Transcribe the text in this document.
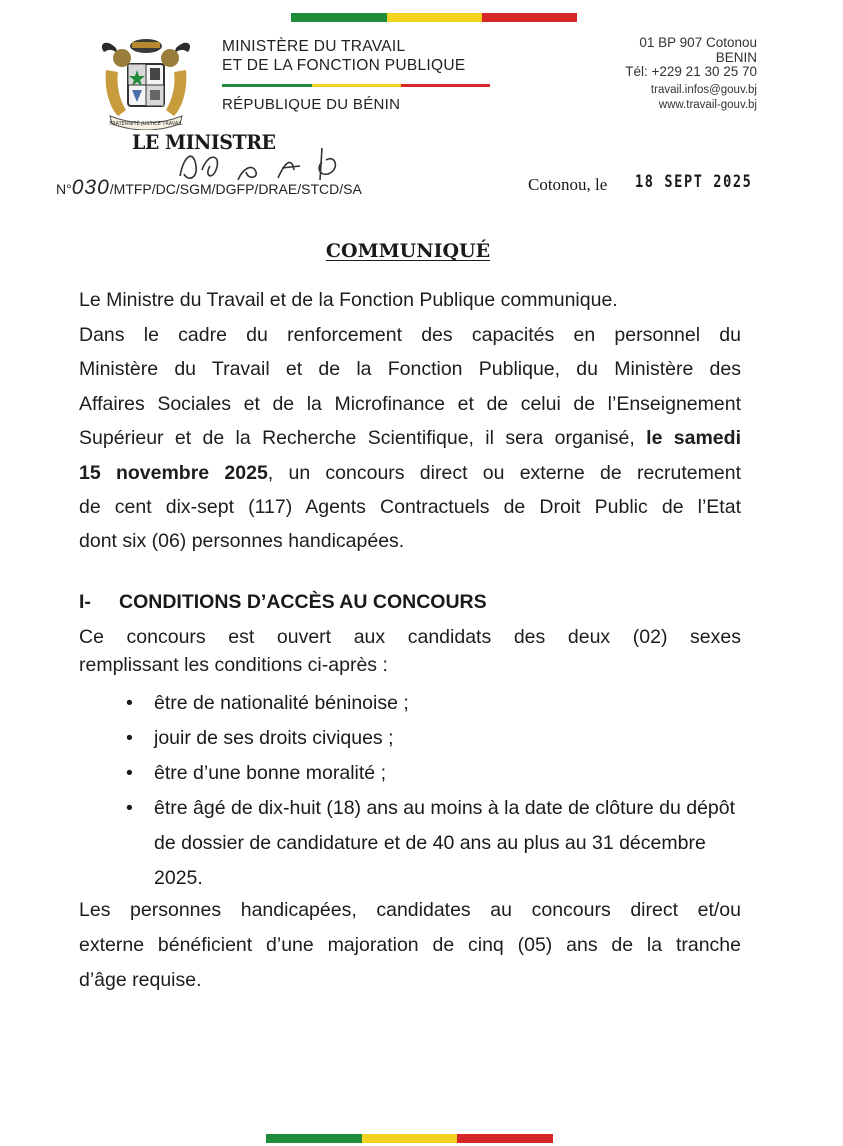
FRATERNITÉ JUSTICE TRAVAIL
MINISTÈRE DU TRAVAIL
ET DE LA FONCTION PUBLIQUE
RÉPUBLIQUE DU BÉNIN
01 BP 907 Cotonou
BENIN
Tél: +229 21 30 25 70
travail.infos@gouv.bj
www.travail-gouv.bj
LE MINISTRE
N°030/MTFP/DC/SGM/DGFP/DRAE/STCD/SA	Cotonou, le 18 SEPT 2025
COMMUNIQUÉ
Le Ministre du Travail et de la Fonction Publique communique.
Dans le cadre du renforcement des capacités en personnel du
Ministère du Travail et de la Fonction Publique, du Ministère des
Affaires Sociales et de la Microfinance et de celui de l’Enseignement
Supérieur et de la Recherche Scientifique, il sera organisé, le samedi
15 novembre 2025, un concours direct ou externe de recrutement
de cent dix-sept (117) Agents Contractuels de Droit Public de l’Etat
dont six (06) personnes handicapées.
I- CONDITIONS D’ACCÈS AU CONCOURS
Ce concours est ouvert aux candidats des deux (02) sexes
remplissant les conditions ci-après :
• être de nationalité béninoise ;
• jouir de ses droits civiques ;
• être d’une bonne moralité ;
• être âgé de dix-huit (18) ans au moins à la date de clôture du dépôt de dossier de candidature et de 40 ans au plus au 31 décembre 2025.
Les personnes handicapées, candidates au concours direct et/ou
externe bénéficient d’une majoration de cinq (05) ans de la tranche
d’âge requise.
